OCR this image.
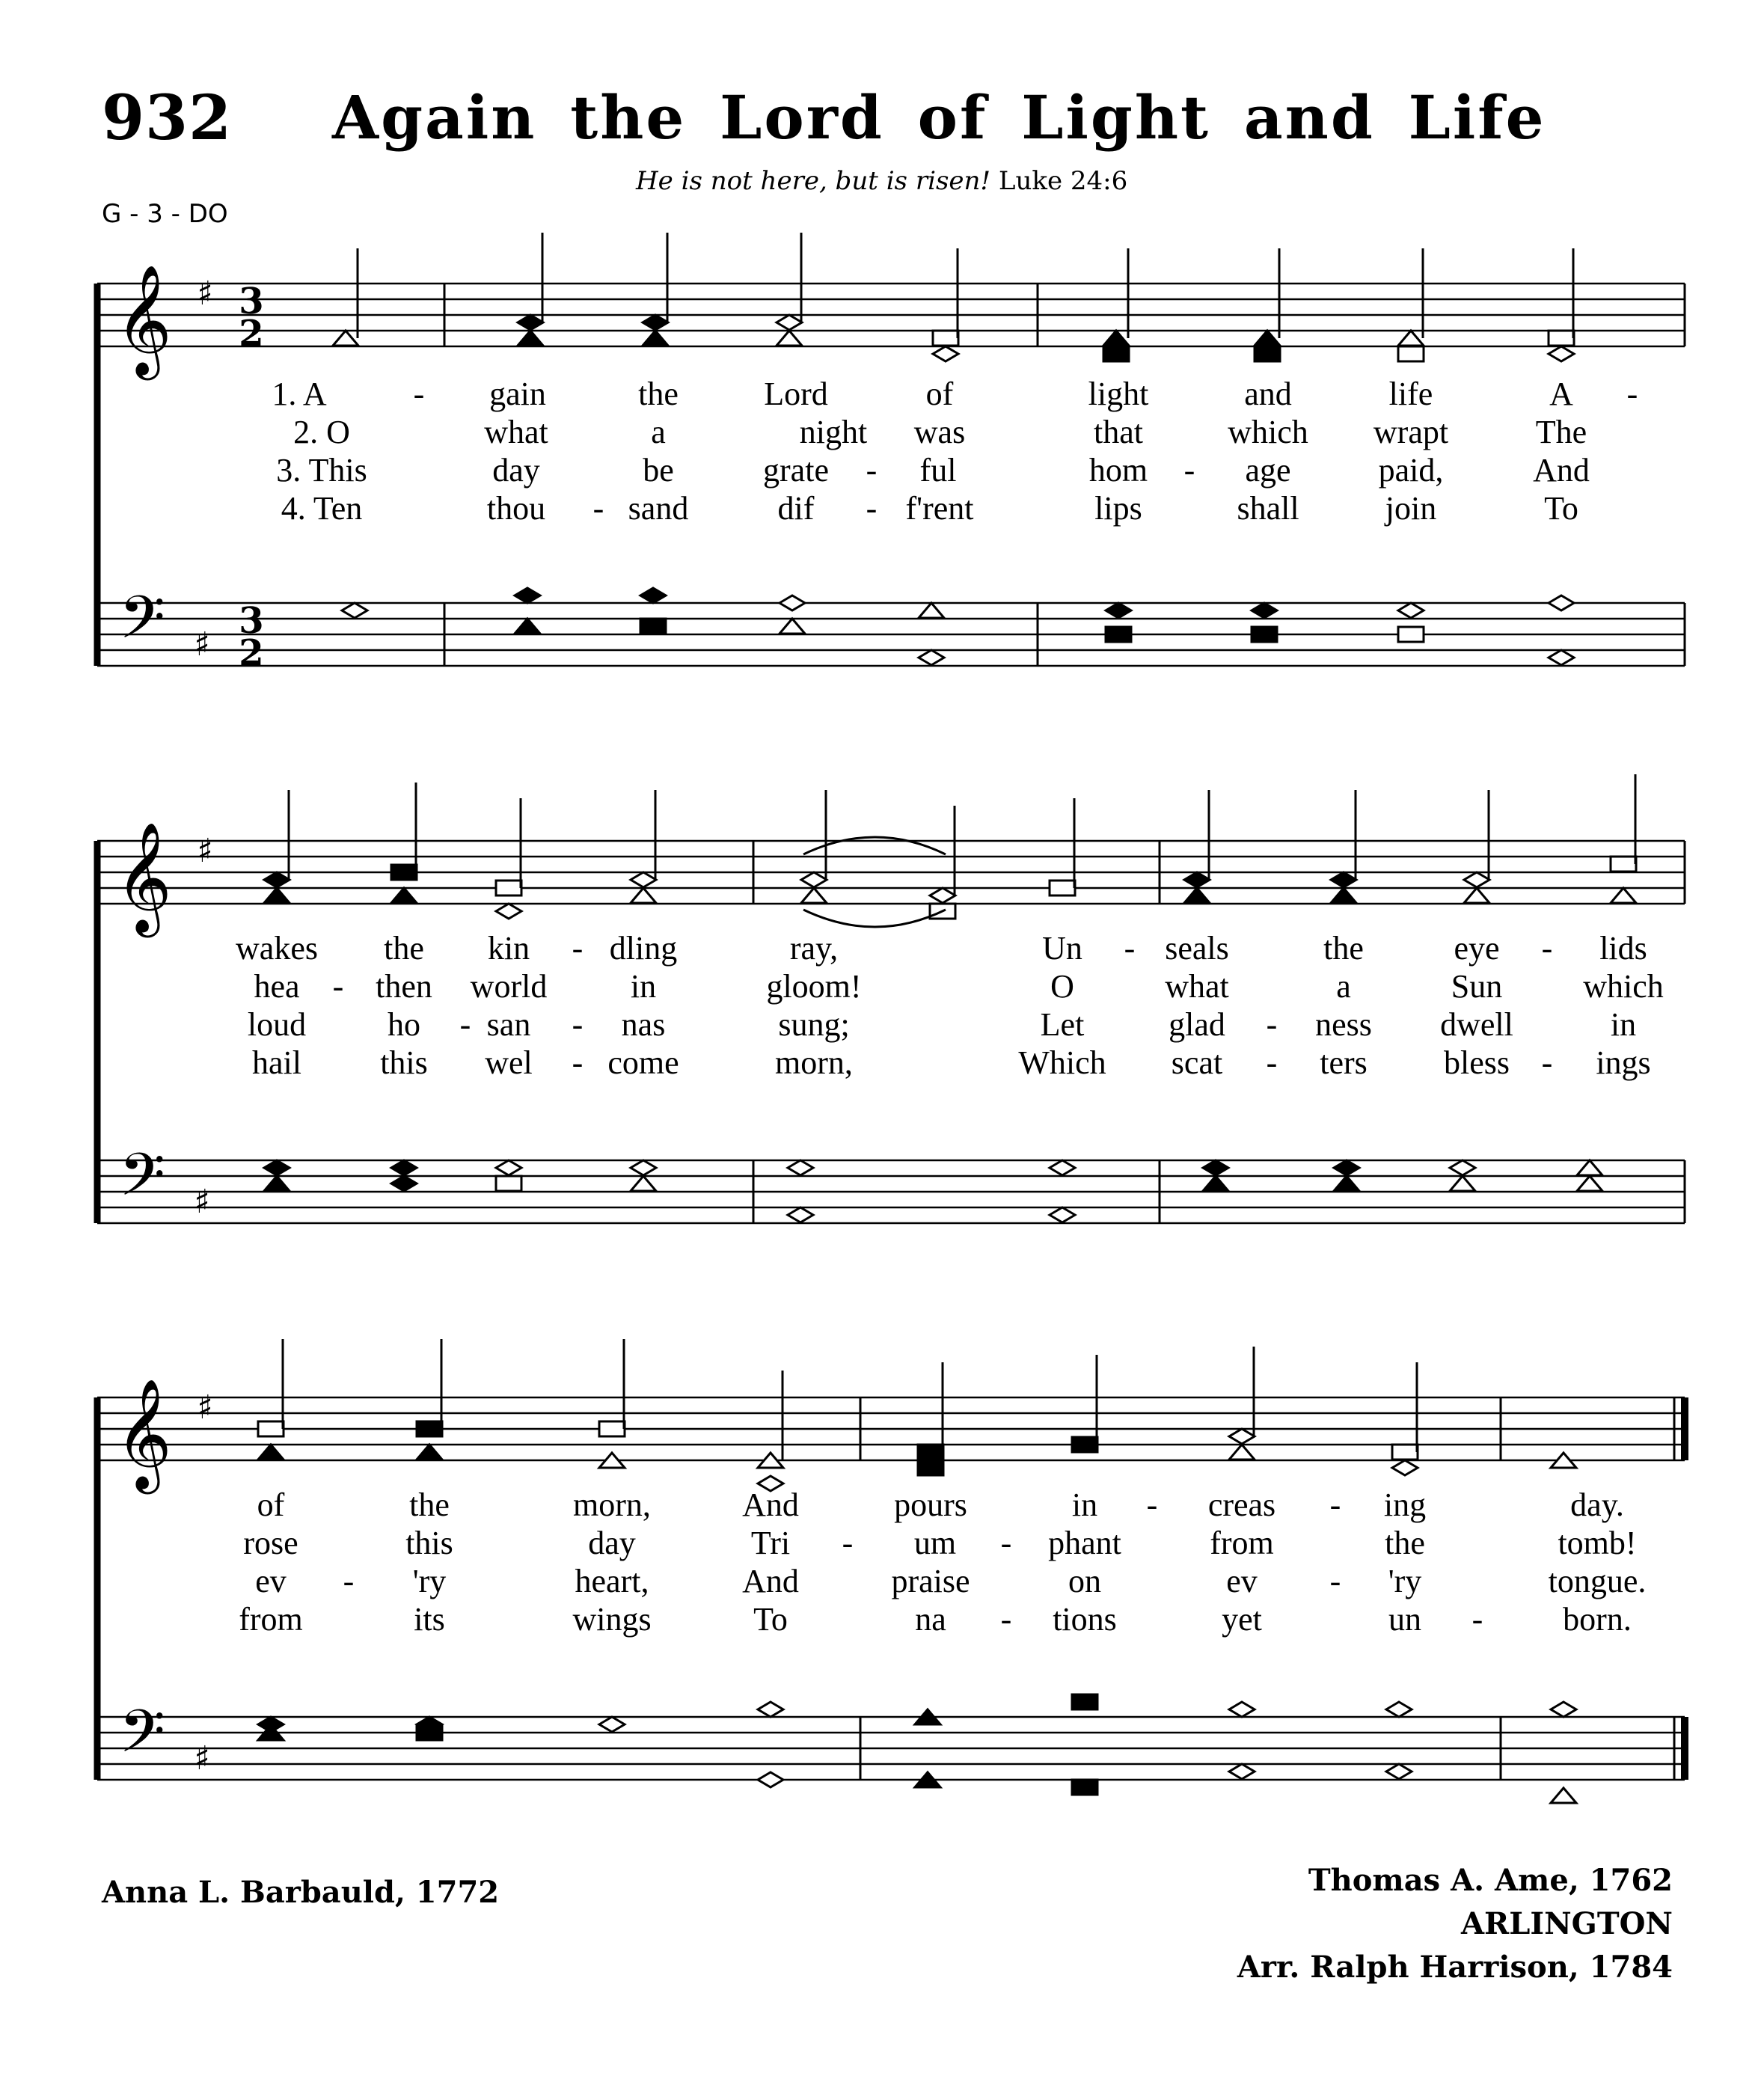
932 Again the Lord of Light and Life
He is not here, but is risen! Luke 24:6
G - 3 - DO
𝄞 ♯ 3
2
𝄢 ♯
3
2
𝄞 ♯
𝄢 ♯
𝄞 ♯
𝄢 ♯
1. A	- gain	the	Lord	of	light	and	life	A -
2. O	what	a	night was	that	which wrapt	The
3. This	day	be	grate - ful	hom - age	paid,	And
4. Ten	thou - sand	dif - f'rent	lips	shall	join	To
wakes the kin - dling	ray,	Un - seals	the	eye - lids
hea - then world	in	gloom!	O	what	a	Sun which
loud ho - san - nas	sung;	Let	glad - ness dwell	in
hail this wel - come	morn,	Which scat - ters bless - ings
of	the	morn,	And	pours	in - creas - ing	day.
rose	this	day	Tri - um - phant	from	the	tomb!
ev - 'ry	heart,	And	praise	on	ev - 'ry	tongue.
from	its	wings	To	na - tions	yet	un - born.
Anna L. Barbauld, 1772	Thomas A. Ame, 1762
ARLINGTON
Arr. Ralph Harrison, 1784
